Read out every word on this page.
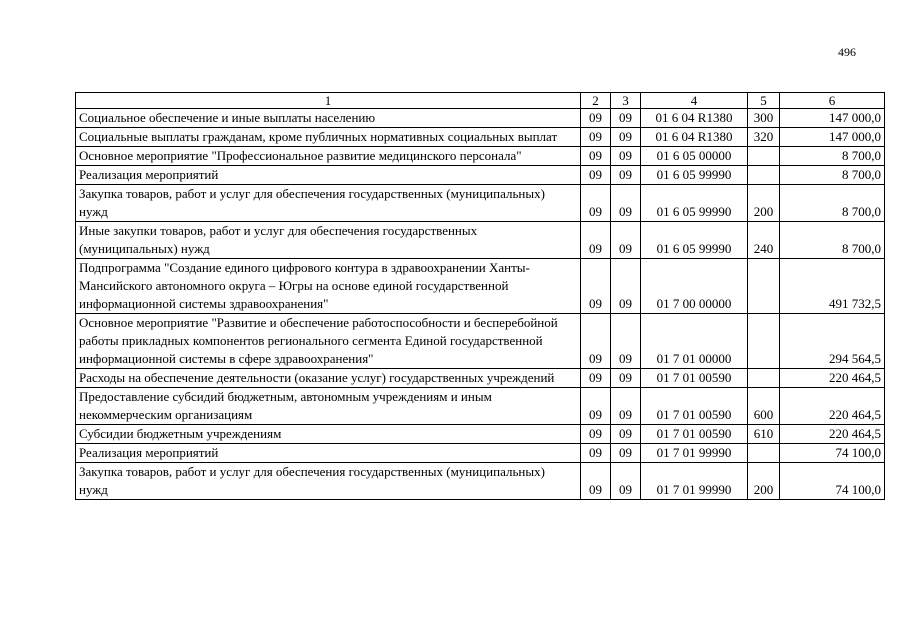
496
1	2	3	4	5	6
Социальное обеспечение и иные выплаты населению	09	09	01 6 04 R1380	300	147 000,0
Социальные выплаты гражданам, кроме публичных нормативных социальных выплат	09	09	01 6 04 R1380	320	147 000,0
Основное мероприятие "Профессиональное развитие медицинского персонала"	09	09	01 6 05 00000		8 700,0
Реализация мероприятий	09	09	01 6 05 99990		8 700,0
Закупка товаров, работ и услуг для обеспечения государственных (муниципальных) нужд	09	09	01 6 05 99990	200	8 700,0
Иные закупки товаров, работ и услуг для обеспечения государственных (муниципальных) нужд	09	09	01 6 05 99990	240	8 700,0
Подпрограмма "Создание единого цифрового контура в здравоохранении Ханты-Мансийского автономного округа – Югры на основе единой государственной информационной системы здравоохранения"	09	09	01 7 00 00000		491 732,5
Основное мероприятие "Развитие и обеспечение работоспособности и бесперебойной работы прикладных компонентов регионального сегмента Единой государственной информационной системы в сфере здравоохранения"	09	09	01 7 01 00000		294 564,5
Расходы на обеспечение деятельности (оказание услуг) государственных учреждений	09	09	01 7 01 00590		220 464,5
Предоставление субсидий бюджетным, автономным учреждениям и иным некоммерческим организациям	09	09	01 7 01 00590	600	220 464,5
Субсидии бюджетным учреждениям	09	09	01 7 01 00590	610	220 464,5
Реализация мероприятий	09	09	01 7 01 99990		74 100,0
Закупка товаров, работ и услуг для обеспечения государственных (муниципальных) нужд	09	09	01 7 01 99990	200	74 100,0
